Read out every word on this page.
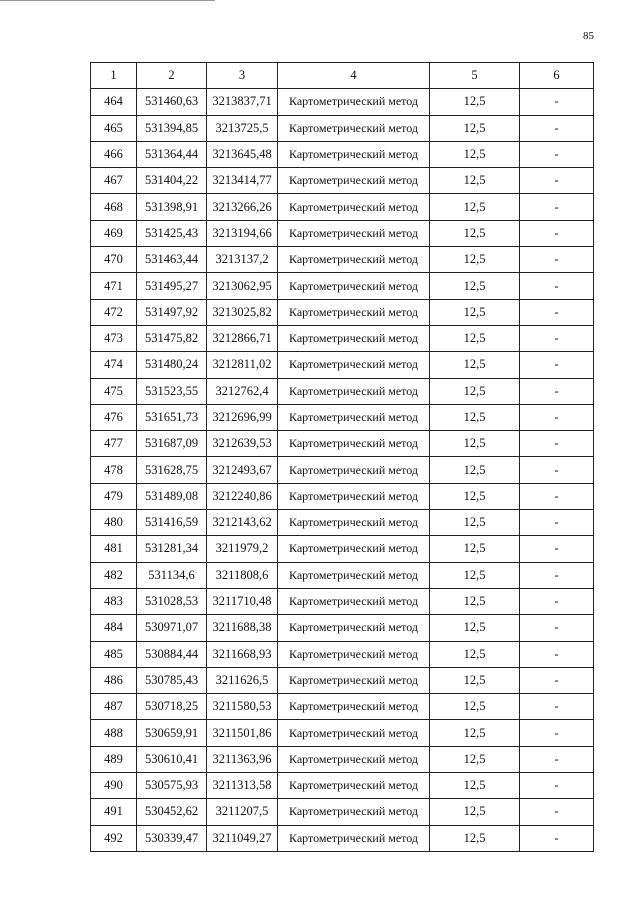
85
1	2	3	4	5	6
464	531460,63	3213837,71	Картометрический метод	12,5	-
465	531394,85	3213725,5	Картометрический метод	12,5	-
466	531364,44	3213645,48	Картометрический метод	12,5	-
467	531404,22	3213414,77	Картометрический метод	12,5	-
468	531398,91	3213266,26	Картометрический метод	12,5	-
469	531425,43	3213194,66	Картометрический метод	12,5	-
470	531463,44	3213137,2	Картометрический метод	12,5	-
471	531495,27	3213062,95	Картометрический метод	12,5	-
472	531497,92	3213025,82	Картометрический метод	12,5	-
473	531475,82	3212866,71	Картометрический метод	12,5	-
474	531480,24	3212811,02	Картометрический метод	12,5	-
475	531523,55	3212762,4	Картометрический метод	12,5	-
476	531651,73	3212696,99	Картометрический метод	12,5	-
477	531687,09	3212639,53	Картометрический метод	12,5	-
478	531628,75	3212493,67	Картометрический метод	12,5	-
479	531489,08	3212240,86	Картометрический метод	12,5	-
480	531416,59	3212143,62	Картометрический метод	12,5	-
481	531281,34	3211979,2	Картометрический метод	12,5	-
482	531134,6	3211808,6	Картометрический метод	12,5	-
483	531028,53	3211710,48	Картометрический метод	12,5	-
484	530971,07	3211688,38	Картометрический метод	12,5	-
485	530884,44	3211668,93	Картометрический метод	12,5	-
486	530785,43	3211626,5	Картометрический метод	12,5	-
487	530718,25	3211580,53	Картометрический метод	12,5	-
488	530659,91	3211501,86	Картометрический метод	12,5	-
489	530610,41	3211363,96	Картометрический метод	12,5	-
490	530575,93	3211313,58	Картометрический метод	12,5	-
491	530452,62	3211207,5	Картометрический метод	12,5	-
492	530339,47	3211049,27	Картометрический метод	12,5	-
